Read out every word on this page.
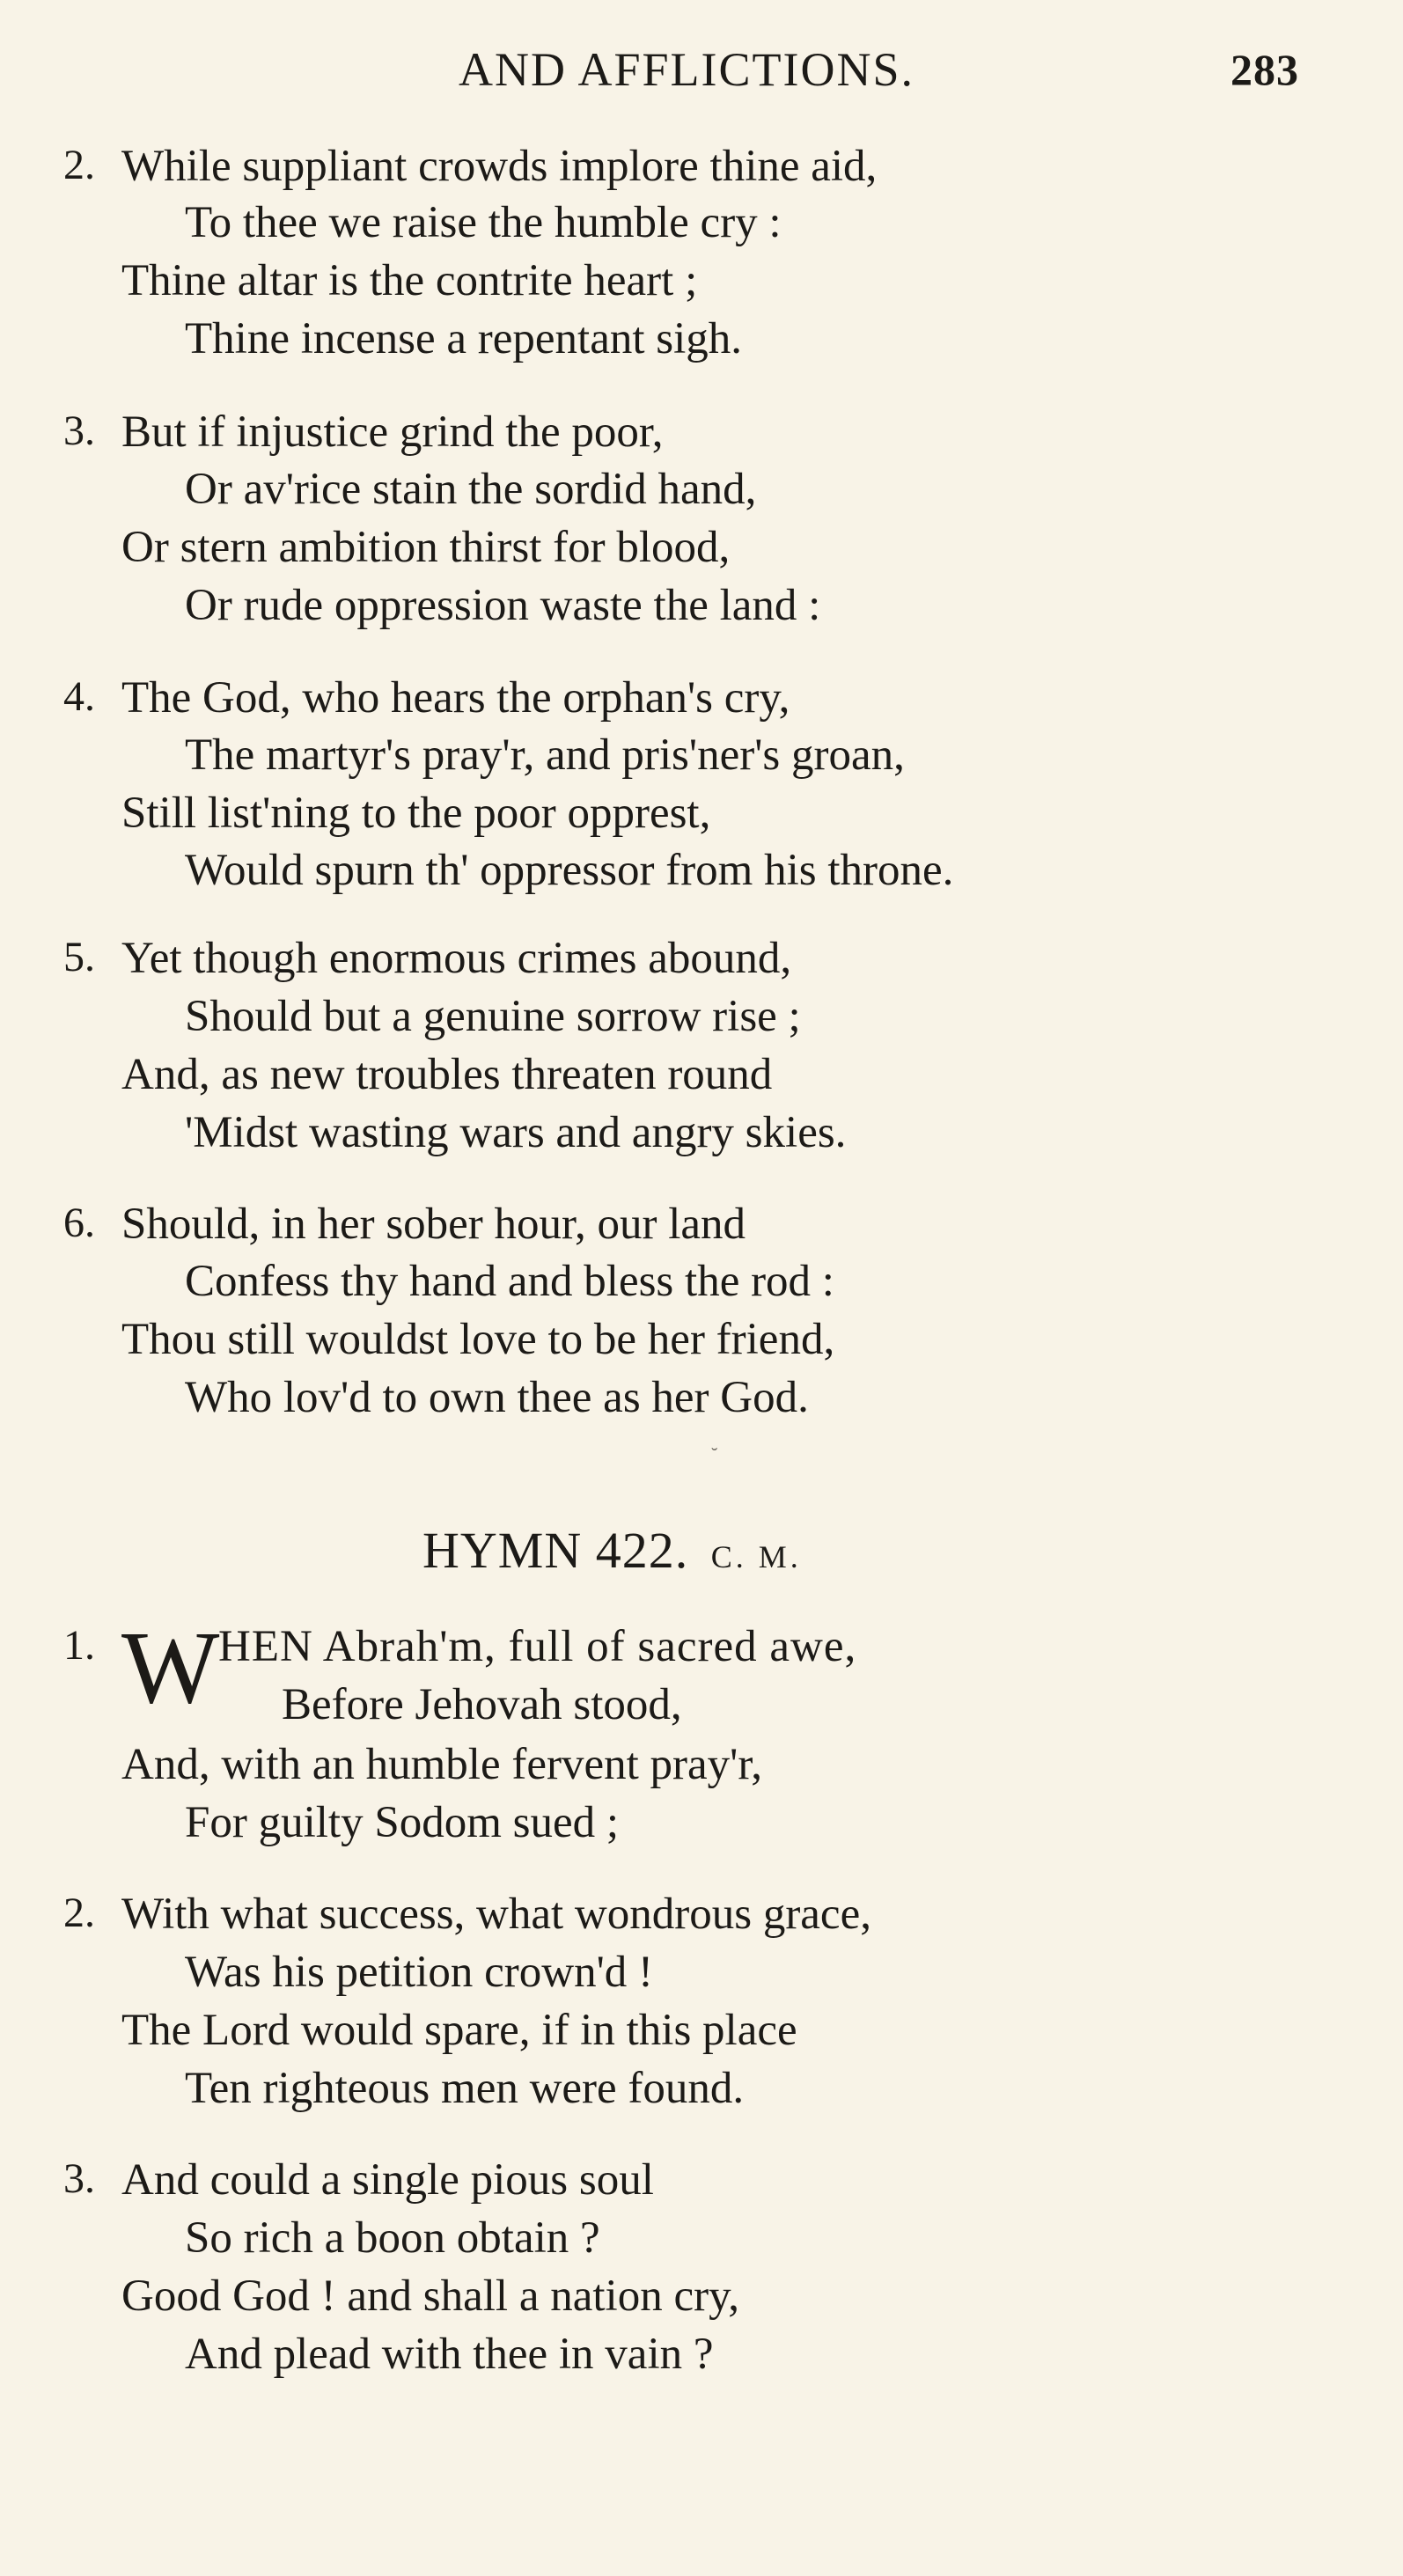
AND AFFLICTIONS.	283
2. While suppliant crowds implore thine aid,
To thee we raise the humble cry :
Thine altar is the contrite heart ;
Thine incense a repentant sigh.
3. But if injustice grind the poor,
Or av'rice stain the sordid hand,
Or stern ambition thirst for blood,
Or rude oppression waste the land :
4. The God, who hears the orphan's cry,
The martyr's pray'r, and pris'ner's groan,
Still list'ning to the poor opprest,
Would spurn th' oppressor from his throne.
5. Yet though enormous crimes abound,
Should but a genuine sorrow rise ;
And, as new troubles threaten round
'Midst wasting wars and angry skies.
6. Should, in her sober hour, our land
Confess thy hand and bless the rod :
Thou still wouldst love to be her friend,
Who lov'd to own thee as her God.
˘
HYMN 422. C. M.
1. W
HEN Abrah'm, full of sacred awe,
Before Jehovah stood,
And, with an humble fervent pray'r,
For guilty Sodom sued ;
2. With what success, what wondrous grace,
Was his petition crown'd !
The Lord would spare, if in this place
Ten righteous men were found.
3. And could a single pious soul
So rich a boon obtain ?
Good God ! and shall a nation cry,
And plead with thee in vain ?
